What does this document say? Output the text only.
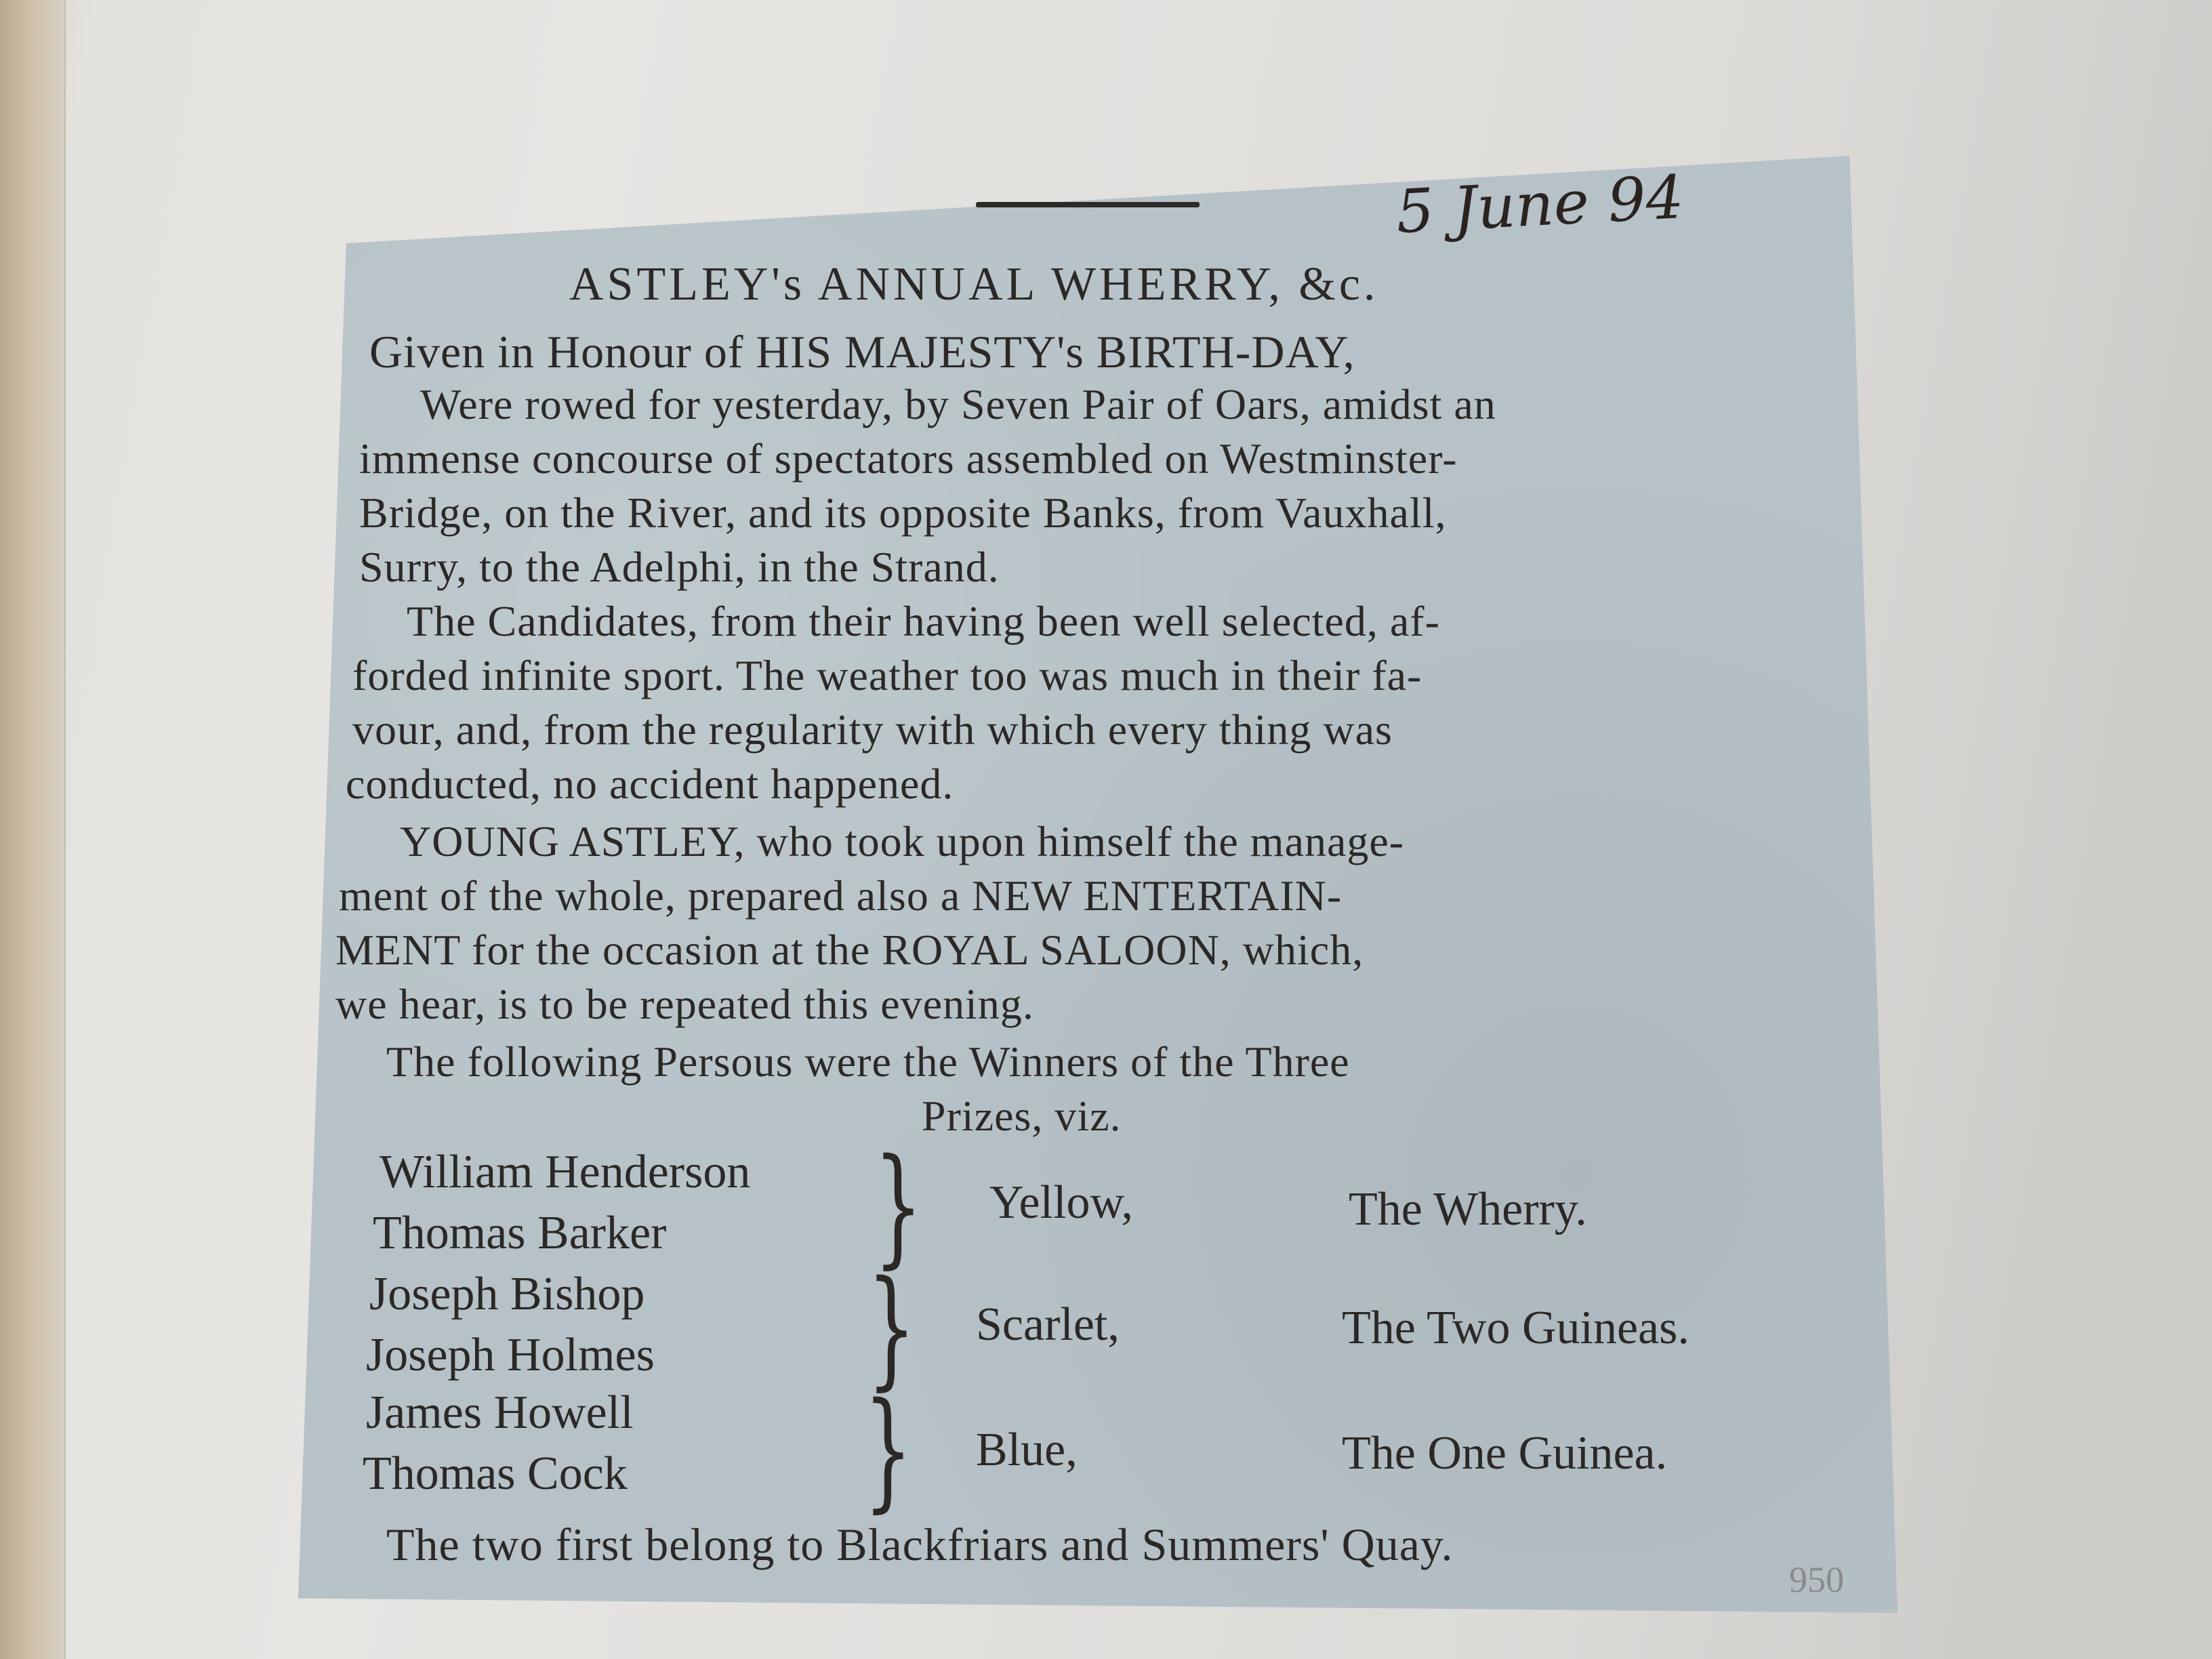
5 June 94
ASTLEY's ANNUAL WHERRY, &c.
Given in Honour of HIS MAJESTY's BIRTH-DAY,
Were rowed for yesterday, by Seven Pair of Oars, amidst an
immense concourse of spectators assembled on Westminster-
Bridge, on the River, and its opposite Banks, from Vauxhall,
Surry, to the Adelphi, in the Strand.
The Candidates, from their having been well selected, af-
forded infinite sport. The weather too was much in their fa-
vour, and, from the regularity with which every thing was
conducted, no accident happened.
YOUNG ASTLEY, who took upon himself the manage-
ment of the whole, prepared also a NEW ENTERTAIN-
MENT for the occasion at the ROYAL SALOON, which,
we hear, is to be repeated this evening.
The following Persous were the Winners of the Three
Prizes, viz.
William Henderson
Thomas Barker } Yellow,	The Wherry.
Joseph Bishop
Joseph Holmes } Scarlet,	The Two Guineas.
James Howell
Thomas Cock } Blue,	The One Guinea.
The two first belong to Blackfriars and Summers' Quay.
950
